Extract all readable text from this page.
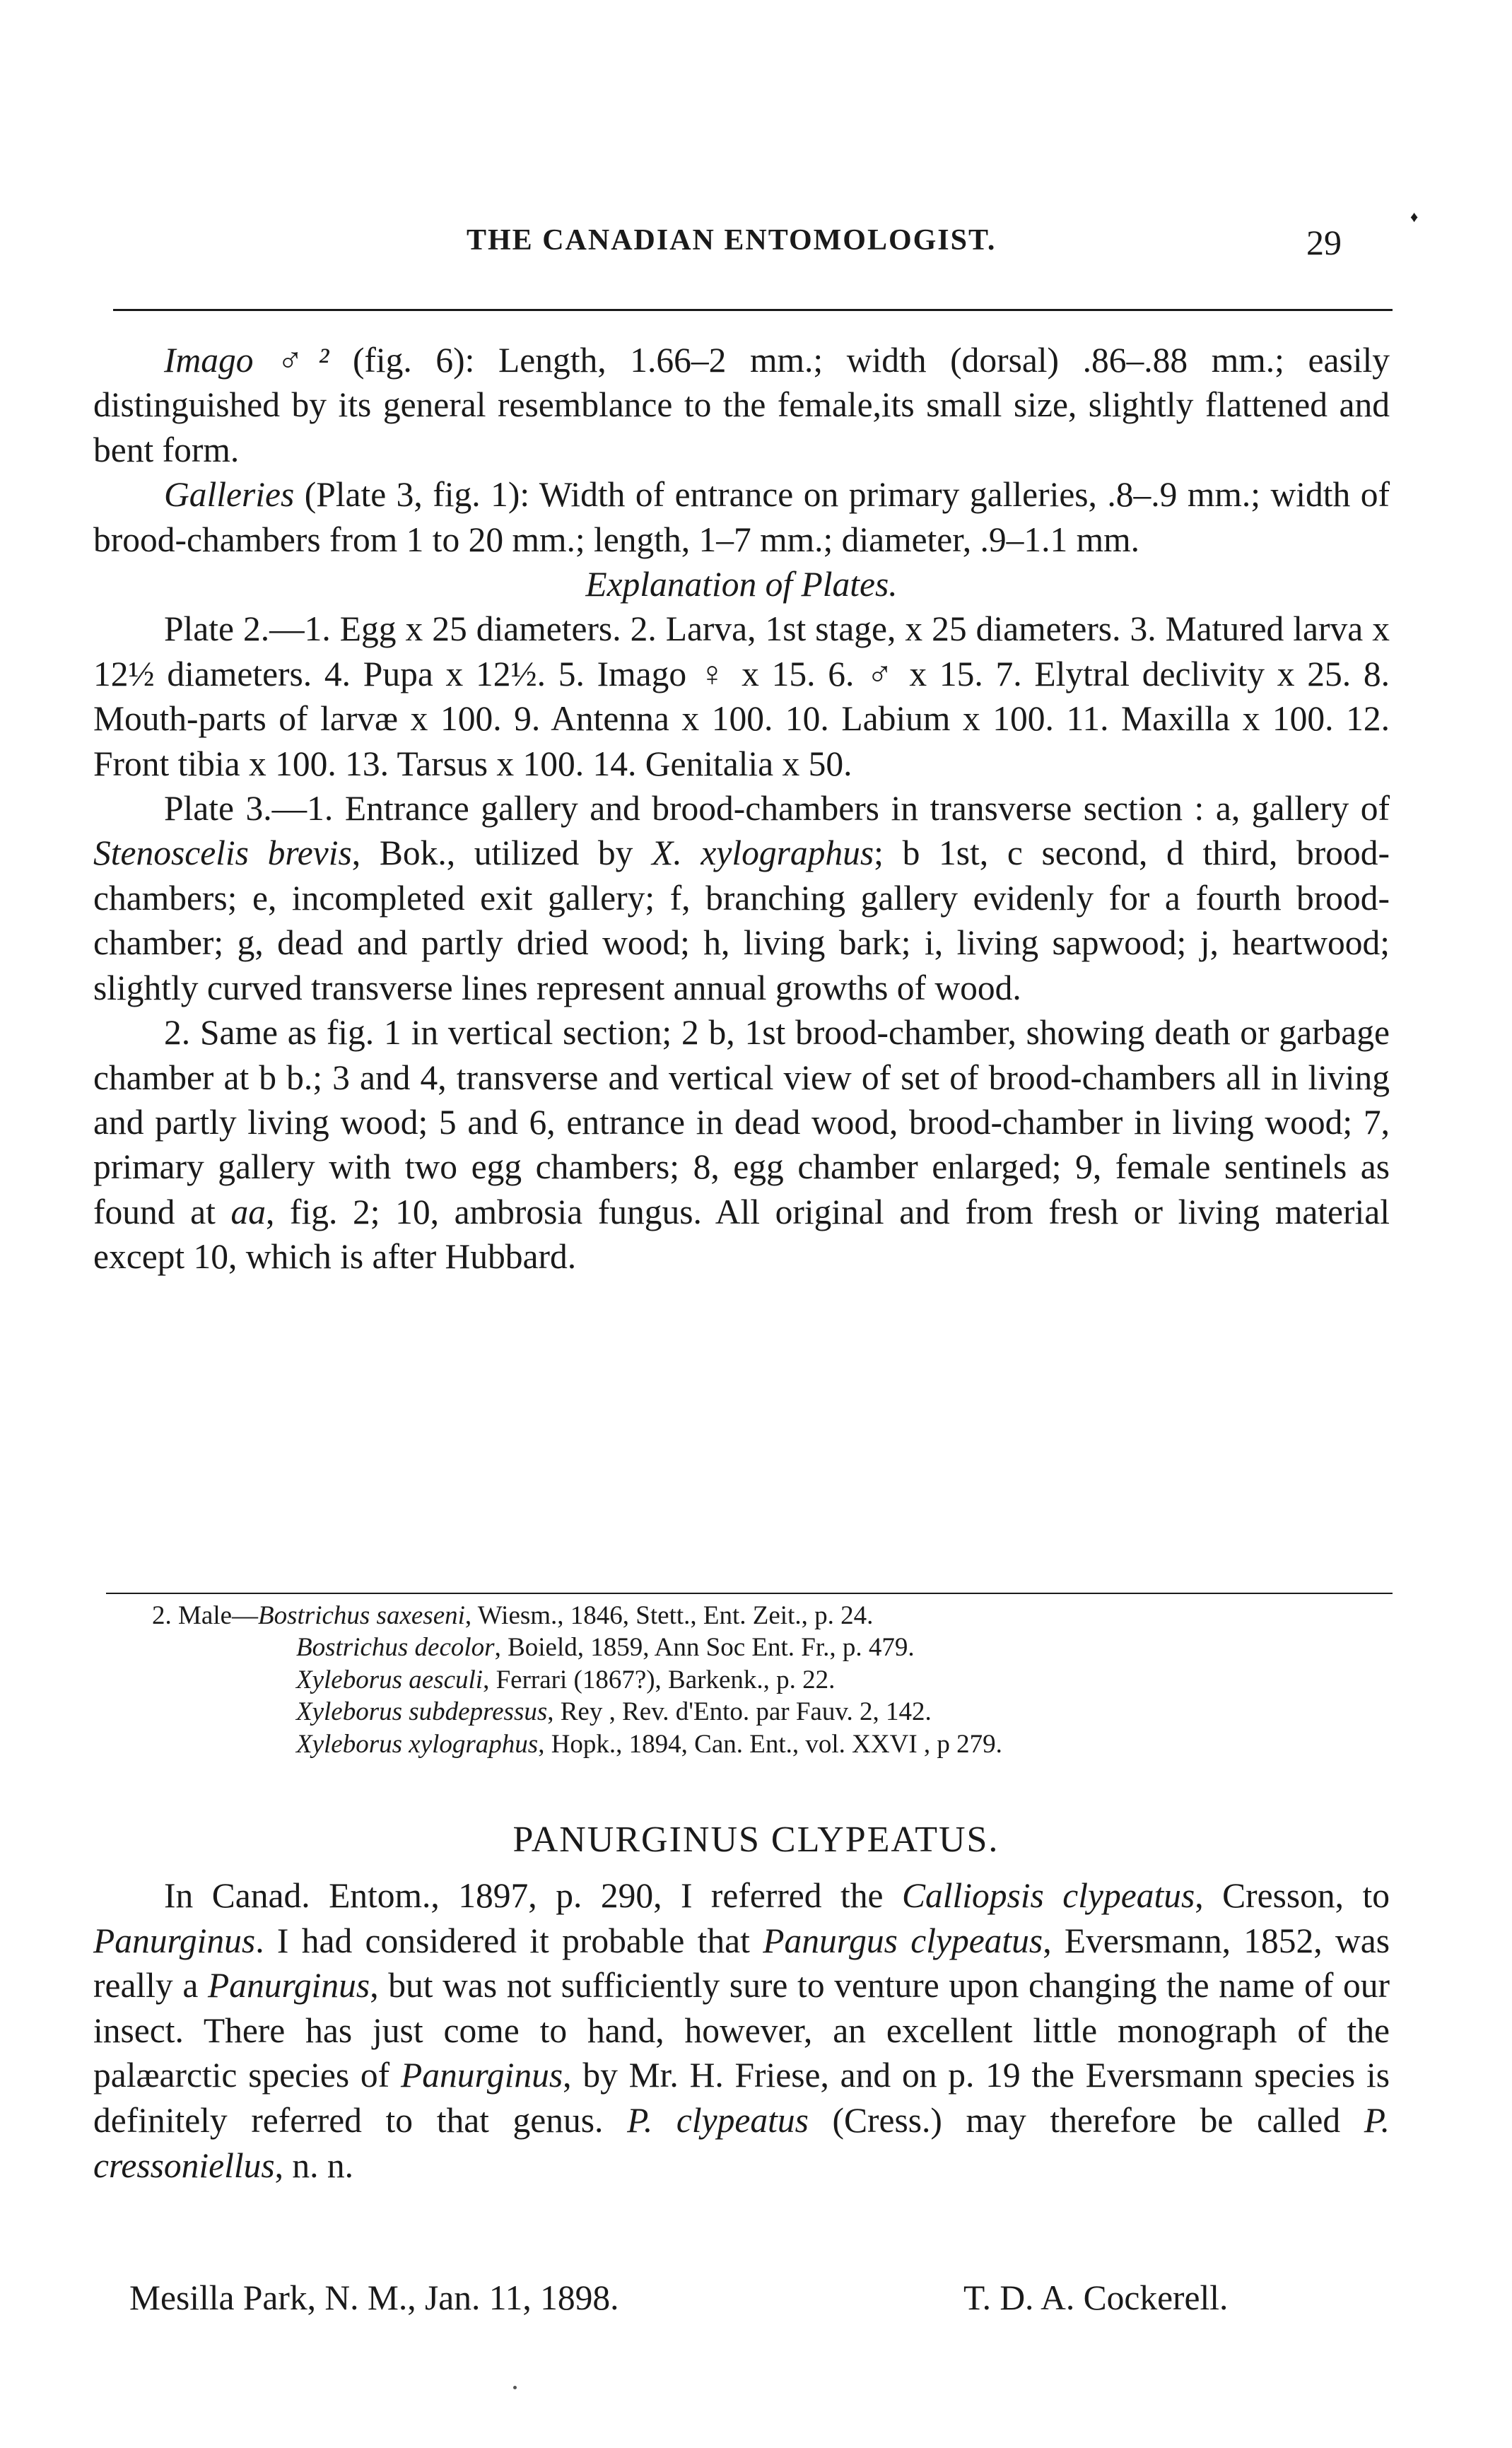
THE CANADIAN ENTOMOLOGIST.	29
♦

Imago ♂² (fig. 6): Length, 1.66–2 mm.; width (dorsal) .86–.88 mm.; easily distinguished by its general resemblance to the female,its small size, slightly flattened and bent form.

Galleries (Plate 3, fig. 1): Width of entrance on primary galleries, .8–.9 mm.; width of brood-chambers from 1 to 20 mm.; length, 1–7 mm.; diameter, .9–1.1 mm.

Explanation of Plates.

Plate 2.—1. Egg x 25 diameters. 2. Larva, 1st stage, x 25 diameters. 3. Matured larva x 12½ diameters. 4. Pupa x 12½. 5. Imago ♀ x 15. 6. ♂ x 15. 7. Elytral declivity x 25. 8. Mouth-parts of larvæ x 100. 9. Antenna x 100. 10. Labium x 100. 11. Maxilla x 100. 12. Front tibia x 100. 13. Tarsus x 100. 14. Genitalia x 50.

Plate 3.—1. Entrance gallery and brood-chambers in transverse section : a, gallery of Stenoscelis brevis, Bok., utilized by X. xylographus; b 1st, c second, d third, brood-chambers; e, incompleted exit gallery; f, branching gallery evidenly for a fourth brood-chamber; g, dead and partly dried wood; h, living bark; i, living sapwood; j, heartwood; slightly curved transverse lines represent annual growths of wood.

2. Same as fig. 1 in vertical section; 2 b, 1st brood-chamber, showing death or garbage chamber at b b.; 3 and 4, transverse and vertical view of set of brood-chambers all in living and partly living wood; 5 and 6, entrance in dead wood, brood-chamber in living wood; 7, primary gallery with two egg chambers; 8, egg chamber enlarged; 9, female sentinels as found at aa, fig. 2; 10, ambrosia fungus. All original and from fresh or living material except 10, which is after Hubbard.

2. Male—Bostrichus saxeseni, Wiesm., 1846, Stett., Ent. Zeit., p. 24.
Bostrichus decolor, Boield, 1859, Ann Soc Ent. Fr., p. 479.
Xyleborus aesculi, Ferrari (1867?), Barkenk., p. 22.
Xyleborus subdepressus, Rey , Rev. d'Ento. par Fauv. 2, 142.
Xyleborus xylographus, Hopk., 1894, Can. Ent., vol. XXVI , p 279.
PANURGINUS CLYPEATUS.

In Canad. Entom., 1897, p. 290, I referred the Calliopsis clypeatus, Cresson, to Panurginus. I had considered it probable that Panurgus clypeatus, Eversmann, 1852, was really a Panurginus, but was not sufficiently sure to venture upon changing the name of our insect. There has just come to hand, however, an excellent little monograph of the palæarctic species of Panurginus, by Mr. H. Friese, and on p. 19 the Eversmann species is definitely referred to that genus. P. clypeatus (Cress.) may therefore be called P. cressoniellus, n. n.

Mesilla Park, N. M., Jan. 11, 1898.	T. D. A. Cockerell.
